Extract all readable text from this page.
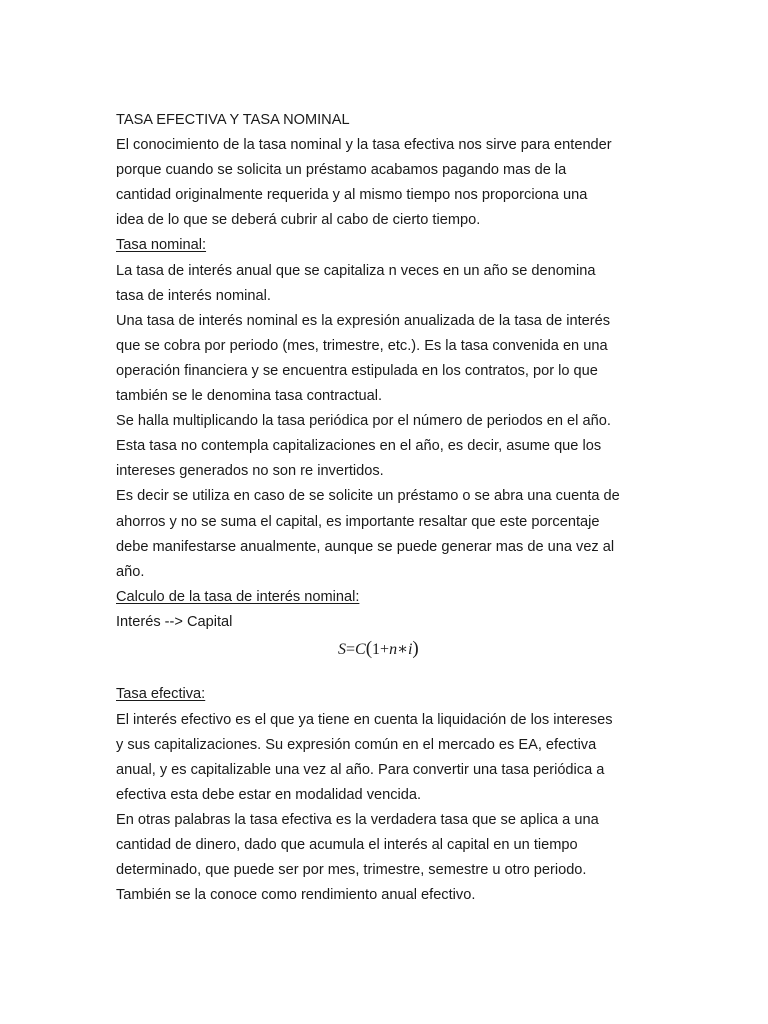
TASA EFECTIVA Y TASA NOMINAL
El conocimiento de la tasa nominal y la tasa efectiva nos sirve para entender
porque cuando se solicita un préstamo acabamos pagando mas de la
cantidad originalmente requerida y al mismo tiempo nos proporciona una
idea de lo que se deberá cubrir al cabo de cierto tiempo.
Tasa nominal:
La tasa de interés anual que se capitaliza n veces en un año se denomina
tasa de interés nominal.
Una tasa de interés nominal es la expresión anualizada de la tasa de interés
que se cobra por periodo (mes, trimestre, etc.). Es la tasa convenida en una
operación financiera y se encuentra estipulada en los contratos, por lo que
también se le denomina tasa contractual.
Se halla multiplicando la tasa periódica por el número de periodos en el año.
Esta tasa no contempla capitalizaciones en el año, es decir, asume que los
intereses generados no son re invertidos.
Es decir se utiliza en caso de se solicite un préstamo o se abra una cuenta de
ahorros y no se suma el capital, es importante resaltar que este porcentaje
debe manifestarse anualmente, aunque se puede generar mas de una vez al
año.
Calculo de la tasa de interés nominal:
Interés --> Capital
S=C(1+n∗i)
Tasa efectiva:
El interés efectivo es el que ya tiene en cuenta la liquidación de los intereses
y sus capitalizaciones. Su expresión común en el mercado es EA, efectiva
anual, y es capitalizable una vez al año. Para convertir una tasa periódica a
efectiva esta debe estar en modalidad vencida.
En otras palabras la tasa efectiva es la verdadera tasa que se aplica a una
cantidad de dinero, dado que acumula el interés al capital en un tiempo
determinado, que puede ser por mes, trimestre, semestre u otro periodo.
También se la conoce como rendimiento anual efectivo.
